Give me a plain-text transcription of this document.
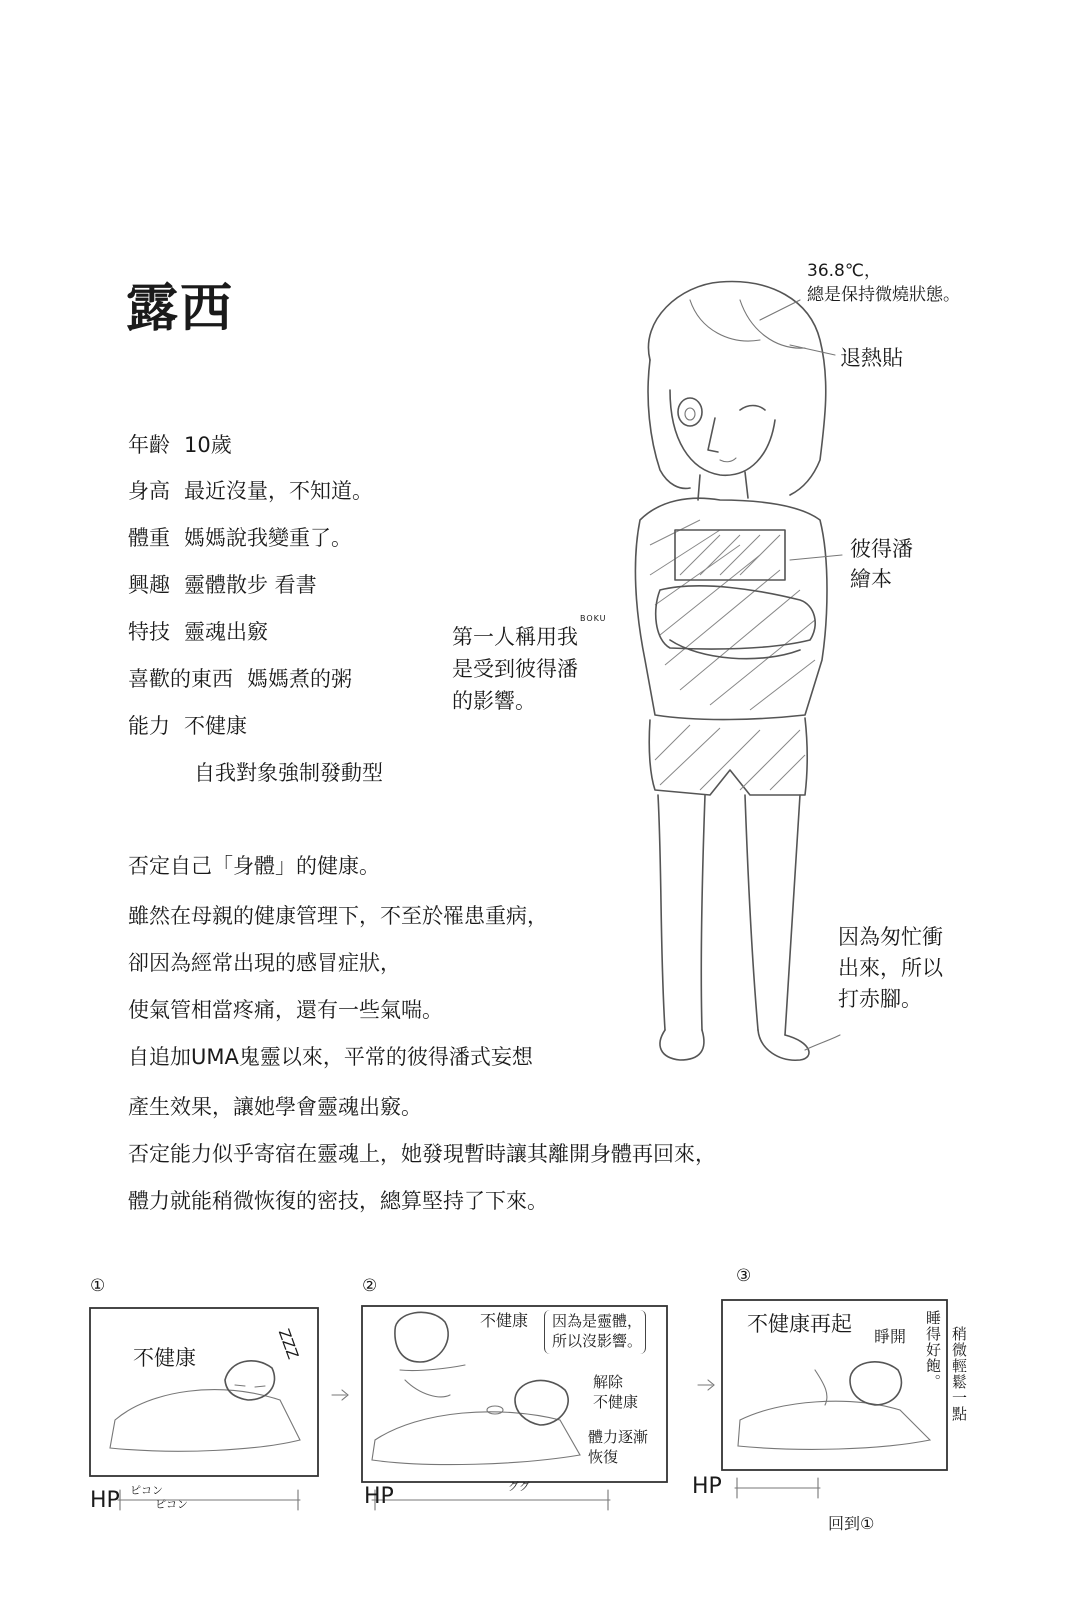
露西
年齡 10歲
身高 最近沒量，不知道。
體重 媽媽說我變重了。
興趣 靈體散步 看書
特技 靈魂出竅
喜歡的東西 媽媽煮的粥
能力 不健康
自我對象強制發動型
否定自己「身體」的健康。
雖然在母親的健康管理下，不至於罹患重病，
卻因為經常出現的感冒症狀，
使氣管相當疼痛，還有一些氣喘。
自追加UMA鬼靈以來，平常的彼得潘式妄想
產生效果，讓她學會靈魂出竅。
否定能力似乎寄宿在靈魂上，她發現暫時讓其離開身體再回來，
體力就能稍微恢復的密技，總算堅持了下來。
36.8℃，
總是保持微燒狀態。
退熱貼
彼得潘
繪本
BOKU
第一人稱用我
是受到彼得潘
的影響。
因為匆忙衝
出來，所以
打赤腳。
①
不健康	ZZZ
HP ピコン
ピコン
②
不健康 因為是靈體，
所以沒影響。
解除
不健康
體力逐漸
恢復
HP	ググ
③
不健康再起
睜開 睡得好飽。 稍微輕鬆一點
HP
回到①
